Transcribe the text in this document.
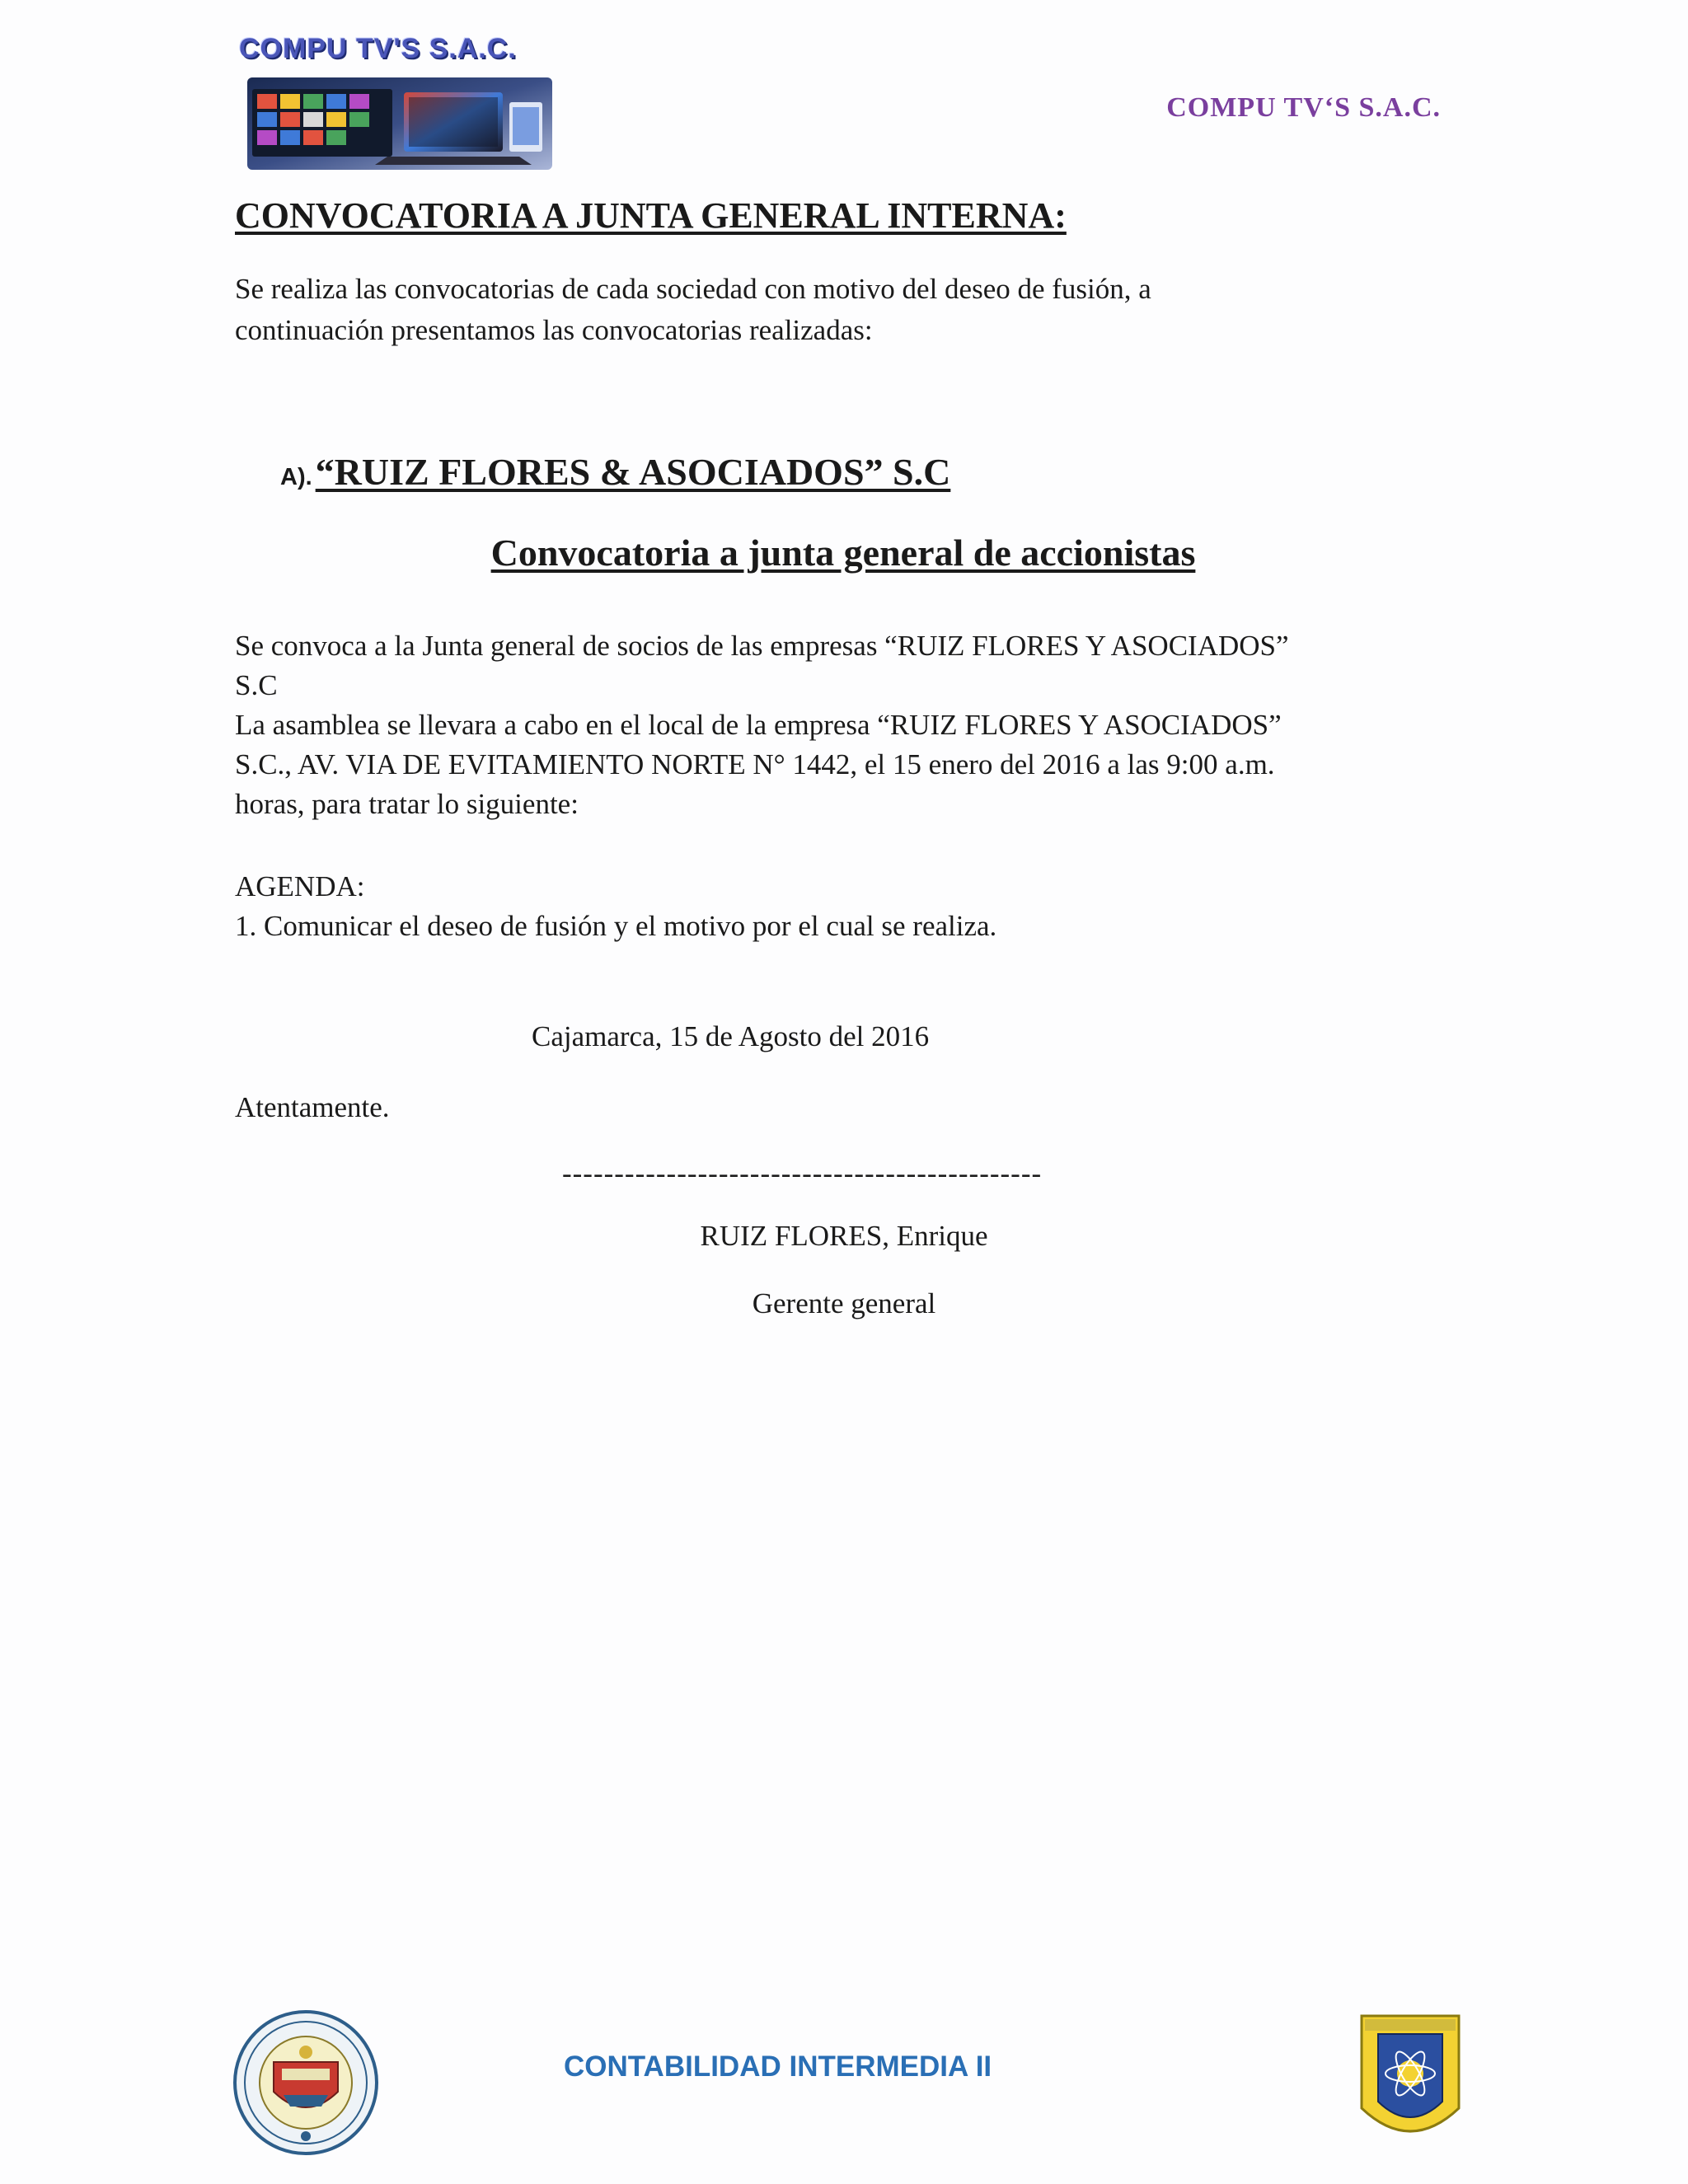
COMPU TV'S S.A.C.
COMPU TV‘S S.A.C.
CONVOCATORIA A JUNTA GENERAL INTERNA:
Se realiza las convocatorias de cada sociedad con motivo del deseo de fusión, a
continuación presentamos las convocatorias realizadas:
A). “RUIZ FLORES & ASOCIADOS” S.C
Convocatoria a junta general de accionistas
Se convoca a la Junta general de socios de las empresas “RUIZ FLORES Y ASOCIADOS”
S.C
La asamblea se llevara a cabo en el local de la empresa “RUIZ FLORES Y ASOCIADOS”
S.C., AV. VIA DE EVITAMIENTO NORTE N° 1442, el 15 enero del 2016 a las 9:00 a.m.
horas, para tratar lo siguiente:
AGENDA:
1. Comunicar el deseo de fusión y el motivo por el cual se realiza.
Cajamarca, 15 de Agosto del 2016
Atentamente.
----------------------------------------------
RUIZ FLORES, Enrique
Gerente general
CONTABILIDAD INTERMEDIA II
